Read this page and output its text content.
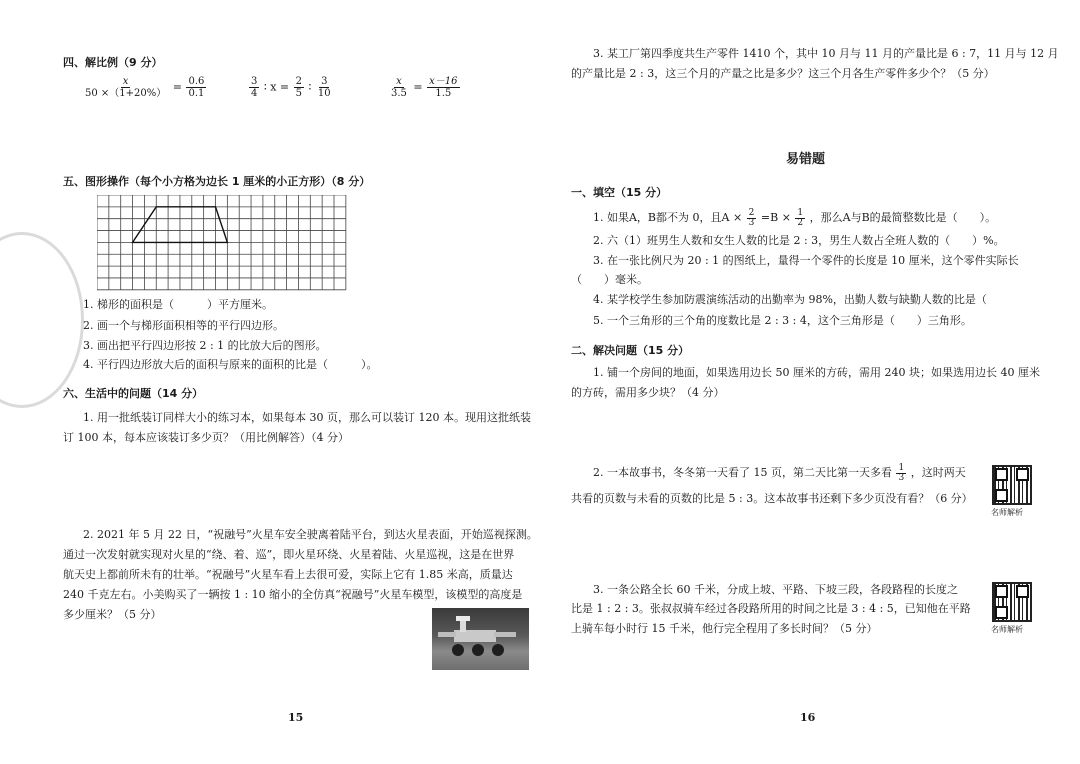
四、解比例（9 分）
$\frac{x}{50 \times(1+20\%)} = \frac{0.6}{0.1}$	$\frac{3}{4}$ ∶ $x = \frac{2}{5}$ ∶ $\frac{3}{10}$	$\frac{x}{3.5} = \frac{x-16}{1.5}$
五、图形操作（每个小方格为边长 1 厘米的小正方形）（8 分）
1. 梯形的面积是（　　　）平方厘米。
2. 画一个与梯形面积相等的平行四边形。
3. 画出把平行四边形按 2 : 1 的比放大后的图形。
4. 平行四边形放大后的面积与原来的面积的比是（　　　）。
六、生活中的问题（14 分）
1. 用一批纸装订同样大小的练习本，如果每本 30 页，那么可以装订 120 本。现用这批纸装
订 100 本，每本应该装订多少页？（用比例解答）（4 分）
2. 2021 年 5 月 22 日，“祝融号”火星车安全驶离着陆平台，到达火星表面，开始巡视探测。
通过一次发射就实现对火星的“绕、着、巡”，即火星环绕、火星着陆、火星巡视，这是在世界
航天史上都前所未有的壮举。“祝融号”火星车看上去很可爱，实际上它有 1.85 米高，质量达
240 千克左右。小美购买了一辆按 1 : 10 缩小的全仿真“祝融号”火星车模型，该模型的高度是
多少厘米？（5 分）
15
3. 某工厂第四季度共生产零件 1410 个，其中 10 月与 11 月的产量比是 6 : 7，11 月与 12 月
的产量比是 2 : 3，这三个月的产量之比是多少？这三个月各生产零件多少个？（5 分）
易错题
一、填空（15 分）
1. 如果A，B都不为 0，且$A \times \frac{2}{3} =B \times \frac{1}{2}$ ，那么A与B的最简整数比是（　　）。
2. 六（1）班男生人数和女生人数的比是 2 : 3，男生人数占全班人数的（　　）%。
3. 在一张比例尺为 20 : 1 的图纸上，量得一个零件的长度是 10 厘米，这个零件实际长
（　　）毫米。
4. 某学校学生参加防震演练活动的出勤率为 98%，出勤人数与缺勤人数的比是（
5. 一个三角形的三个角的度数比是 2 : 3 : 4，这个三角形是（　　）三角形。
二、解决问题（15 分）
1. 铺一个房间的地面，如果选用边长 50 厘米的方砖，需用 240 块；如果选用边长 40 厘米
的方砖，需用多少块？（4 分）
2. 一本故事书，冬冬第一天看了 15 页，第二天比第一天多看 $\frac{1}{3}$ ，这时两天
共看的页数与未看的页数的比是 5 : 3。这本故事书还剩下多少页没有看？（6 分）
名师解析
3. 一条公路全长 60 千米，分成上坡、平路、下坡三段，各段路程的长度之
比是 1 : 2 : 3。张叔叔骑车经过各段路所用的时间之比是 3 : 4 : 5，已知他在平路
上骑车每小时行 15 千米，他行完全程用了多长时间？（5 分）	名师解析
16
